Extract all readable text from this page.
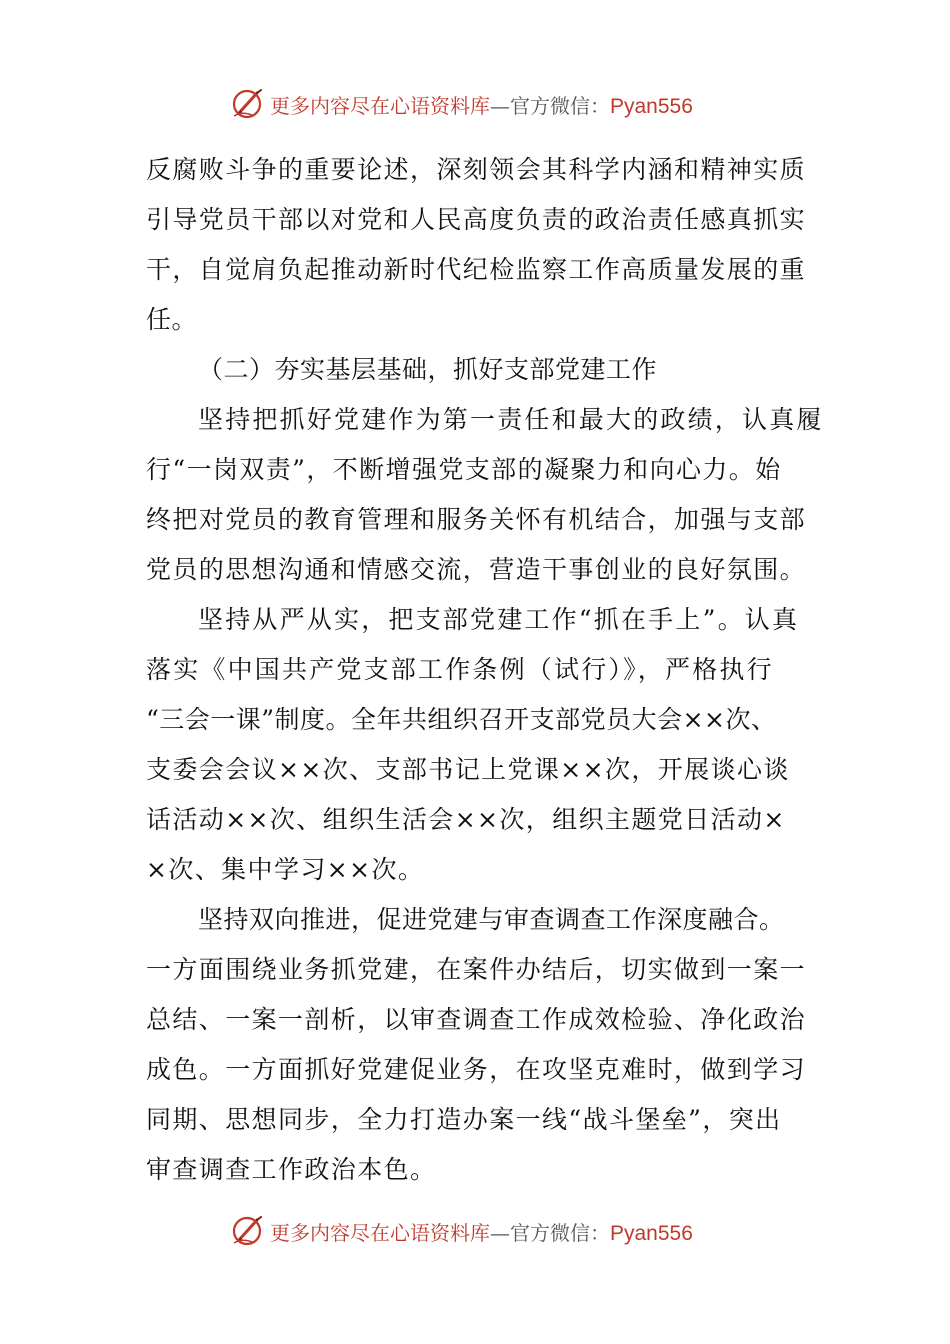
更多内容尽在心语资料库—官方微信：Pyan556
反腐败斗争的重要论述，深刻领会其科学内涵和精神实质
引导党员干部以对党和人民高度负责的政治责任感真抓实
干，自觉肩负起推动新时代纪检监察工作高质量发展的重
任。
（二）夯实基层基础，抓好支部党建工作
坚持把抓好党建作为第一责任和最大的政绩，认真履
行“一岗双责”，不断增强党支部的凝聚力和向心力。始
终把对党员的教育管理和服务关怀有机结合，加强与支部
党员的思想沟通和情感交流，营造干事创业的良好氛围。
坚持从严从实，把支部党建工作“抓在手上”。认真
落实《中国共产党支部工作条例（试行）》，严格执行
“三会一课”制度。全年共组织召开支部党员大会××次、
支委会会议××次、支部书记上党课××次，开展谈心谈
话活动××次、组织生活会××次，组织主题党日活动×
×次、集中学习××次。
坚持双向推进，促进党建与审查调查工作深度融合。
一方面围绕业务抓党建，在案件办结后，切实做到一案一
总结、一案一剖析，以审查调查工作成效检验、净化政治
成色。一方面抓好党建促业务，在攻坚克难时，做到学习
同期、思想同步，全力打造办案一线“战斗堡垒”，突出
审查调查工作政治本色。
更多内容尽在心语资料库—官方微信：Pyan556
